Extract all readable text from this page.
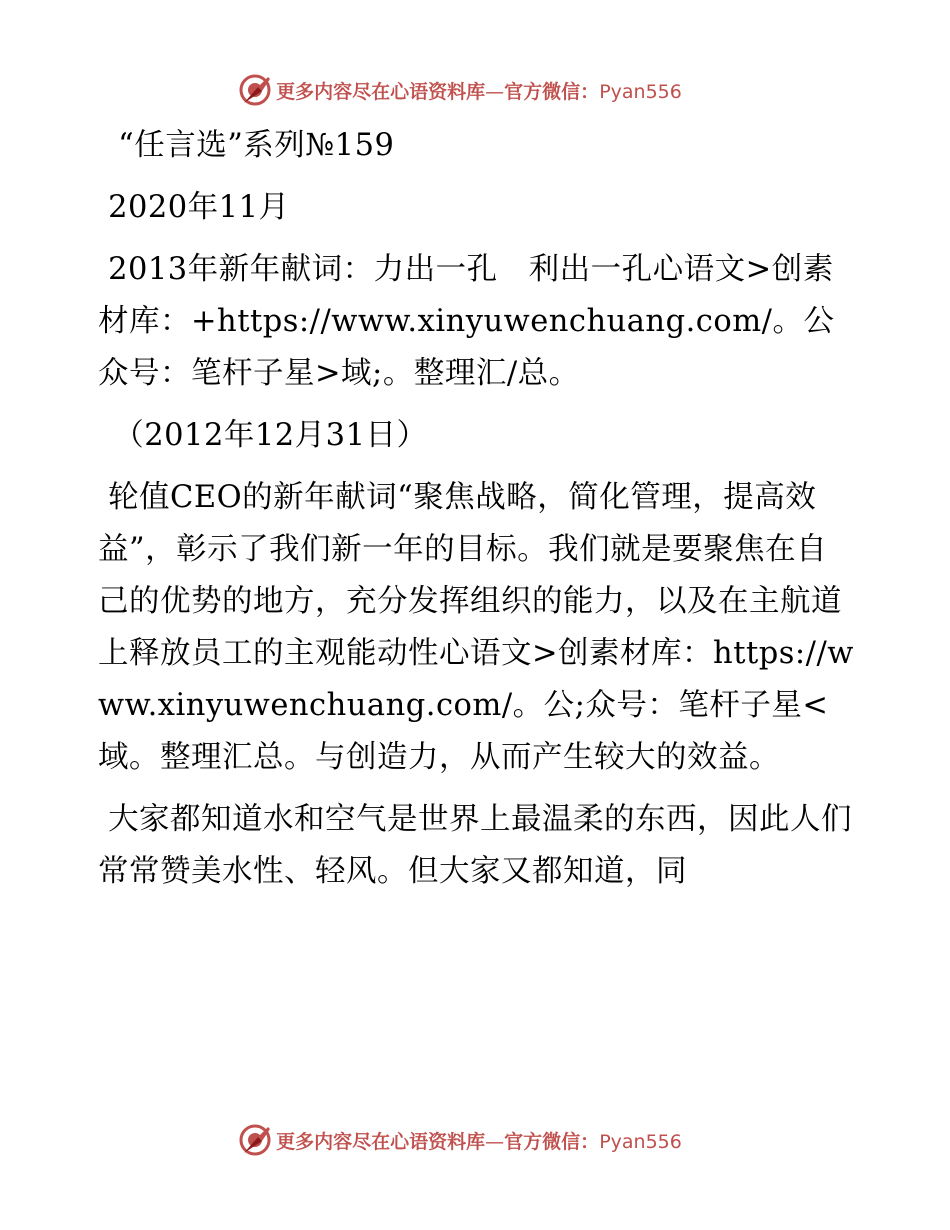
更多内容尽在心语资料库—官方微信：Pyan556

“任言选”系列№159

2020年11月

2013年新年献词：力出一孔　利出一孔心语文>创素材库：+https://www.xinyuwenchuang.com/。公众号：笔杆子星>域;。整理汇/总。

（2012年12月31日）

轮值CEO的新年献词“聚焦战略，简化管理，提高效益”，彰示了我们新一年的目标。我们就是要聚焦在自己的优势的地方，充分发挥组织的能力，以及在主航道上释放员工的主观能动性心语文>创素材库：https://www.xinyuwenchuang.com/。公;众号：笔杆子星<域。整理汇总。与创造力，从而产生较大的效益。

大家都知道水和空气是世界上最温柔的东西，因此人们常常赞美水性、轻风。但大家又都知道，同

更多内容尽在心语资料库—官方微信：Pyan556
